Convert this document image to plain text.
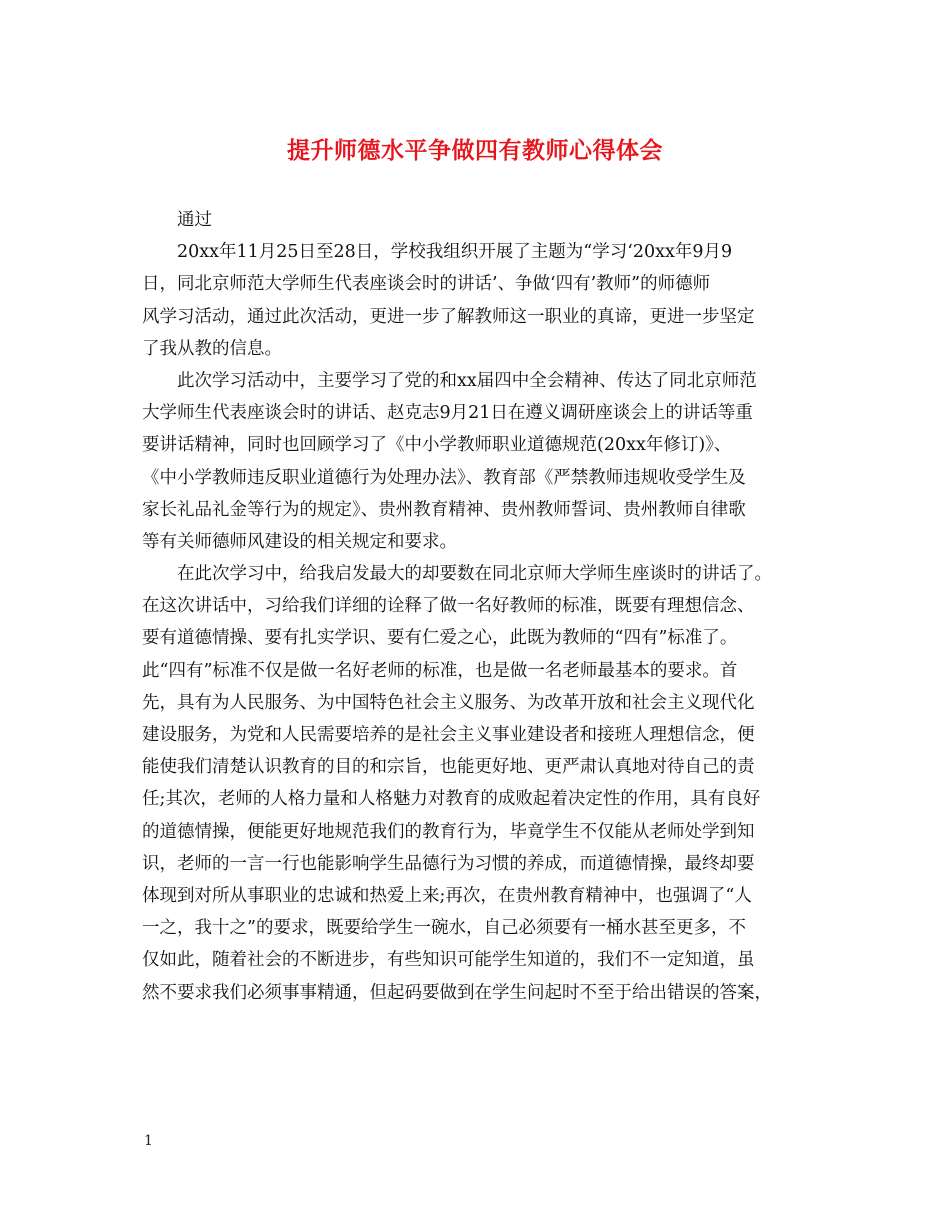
提升师德水平争做四有教师心得体会
通过
20xx年11月25日至28日，学校我组织开展了主题为“学习‘20xx年9月9
日，同北京师范大学师生代表座谈会时的讲话’、争做‘四有’教师”的师德师
风学习活动，通过此次活动，更进一步了解教师这一职业的真谛，更进一步坚定
了我从教的信息。
此次学习活动中，主要学习了党的和xx届四中全会精神、传达了同北京师范
大学师生代表座谈会时的讲话、赵克志9月21日在遵义调研座谈会上的讲话等重
要讲话精神，同时也回顾学习了《中小学教师职业道德规范(20xx年修订)》、
《中小学教师违反职业道德行为处理办法》、教育部《严禁教师违规收受学生及
家长礼品礼金等行为的规定》、贵州教育精神、贵州教师誓词、贵州教师自律歌
等有关师德师风建设的相关规定和要求。
在此次学习中，给我启发最大的却要数在同北京师大学师生座谈时的讲话了。
在这次讲话中，习给我们详细的诠释了做一名好教师的标准，既要有理想信念、
要有道德情操、要有扎实学识、要有仁爱之心，此既为教师的“四有”标准了。
此“四有”标准不仅是做一名好老师的标准，也是做一名老师最基本的要求。首
先，具有为人民服务、为中国特色社会主义服务、为改革开放和社会主义现代化
建设服务，为党和人民需要培养的是社会主义事业建设者和接班人理想信念，便
能使我们清楚认识教育的目的和宗旨，也能更好地、更严肃认真地对待自己的责
任;其次，老师的人格力量和人格魅力对教育的成败起着决定性的作用，具有良好
的道德情操，便能更好地规范我们的教育行为，毕竟学生不仅能从老师处学到知
识，老师的一言一行也能影响学生品德行为习惯的养成，而道德情操，最终却要
体现到对所从事职业的忠诚和热爱上来;再次，在贵州教育精神中，也强调了“人
一之，我十之”的要求，既要给学生一碗水，自己必须要有一桶水甚至更多，不
仅如此，随着社会的不断进步，有些知识可能学生知道的，我们不一定知道，虽
然不要求我们必须事事精通，但起码要做到在学生问起时不至于给出错误的答案，
1
